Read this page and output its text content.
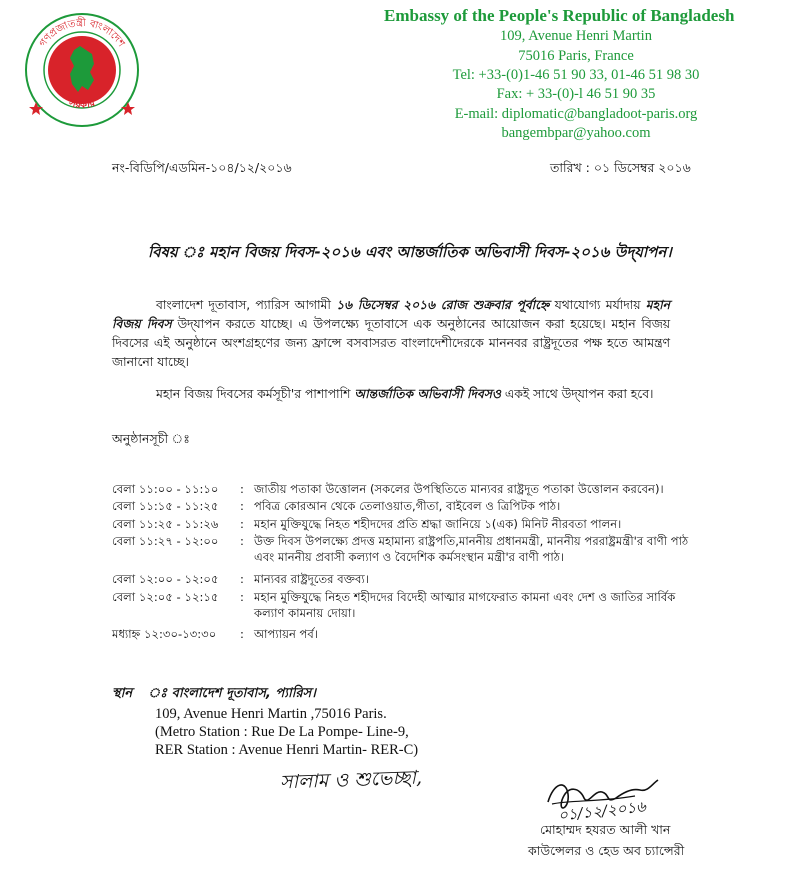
গণপ্রজাতন্ত্রী বাংলাদেশ
সরকার
Embassy of the People's Republic of Bangladesh
109, Avenue Henri Martin
75016 Paris, France
Tel: +33-(0)1-46 51 90 33, 01-46 51 98 30
Fax: + 33-(0)-l 46 51 90 35
E-mail: diplomatic@bangladoot-paris.org
bangembpar@yahoo.com
নং-বিডিপি/এডমিন-১০৪/১২/২০১৬	তারিখ : ০১ ডিসেম্বর ২০১৬
বিষয় ঃ মহান বিজয় দিবস-২০১৬ এবং আন্তর্জাতিক অভিবাসী দিবস-২০১৬ উদ্‌যাপন।
বাংলাদেশ দূতাবাস, প্যারিস আগামী ১৬ ডিসেম্বর ২০১৬ রোজ শুক্রবার পূর্বাহ্নে যথাযোগ্য মর্যাদায় মহান বিজয় দিবস উদ্‌যাপন করতে যাচ্ছে। এ উপলক্ষ্যে দূতাবাসে এক অনুষ্ঠানের আয়োজন করা হয়েছে। মহান বিজয় দিবসের এই অনুষ্ঠানে অংশগ্রহণের জন্য ফ্রান্সে বসবাসরত বাংলাদেশীদেরকে মাননবর রাষ্ট্রদূতের পক্ষ হতে আমন্ত্রণ জানানো যাচ্ছে।
মহান বিজয় দিবসের কর্মসূচী'র পাশাপাশি আন্তর্জাতিক অভিবাসী দিবসও একই সাথে উদ্‌যাপন করা হবে।
অনুষ্ঠানসূচী ঃ
বেলা ১১:০০ - ১১:১০	: জাতীয় পতাকা উত্তোলন (সকলের উপস্থিতিতে মান্যবর রাষ্ট্রদূত পতাকা উত্তোলন করবেন)।
বেলা ১১:১৫ - ১১:২৫	: পবিত্র কোরআন থেকে তেলাওয়াত,গীতা, বাইবেল ও ত্রিপিটক পাঠ।
বেলা ১১:২৫ - ১১:২৬	: মহান মুক্তিযুদ্ধে নিহত শহীদদের প্রতি শ্রদ্ধা জানিয়ে ১(এক) মিনিট নীরবতা পালন।
বেলা ১১:২৭ - ১২:০০	: উক্ত দিবস উপলক্ষ্যে প্রদত্ত মহামান্য রাষ্ট্রপতি,মাননীয় প্রধানমন্ত্রী, মাননীয় পররাষ্ট্রমন্ত্রী'র বাণী পাঠ এবং মাননীয় প্রবাসী কল্যাণ ও বৈদেশিক কর্মসংস্থান মন্ত্রী'র বাণী পাঠ।
বেলা ১২:০০ - ১২:০৫	: মান্যবর রাষ্ট্রদূতের বক্তব্য।
বেলা ১২:০৫ - ১২:১৫	: মহান মুক্তিযুদ্ধে নিহত শহীদদের বিদেহী আত্মার মাগফেরাত কামনা এবং দেশ ও জাতির সার্বিক কল্যাণ কামনায় দোয়া।
মধ্যাহ্ন ১২:৩০-১৩:৩০	: আপ্যায়ন পর্ব।
স্থান ঃ বাংলাদেশ দূতাবাস, প্যারিস।
109, Avenue Henri Martin ,75016 Paris.
(Metro Station : Rue De La Pompe- Line-9,
RER Station : Avenue Henri Martin- RER-C)
সালাম ও শুভেচ্ছা,
০১/১২/২০১৬
মোহাম্মদ হযরত আলী খান
কাউন্সেলর ও হেড অব চ্যান্সেরী
